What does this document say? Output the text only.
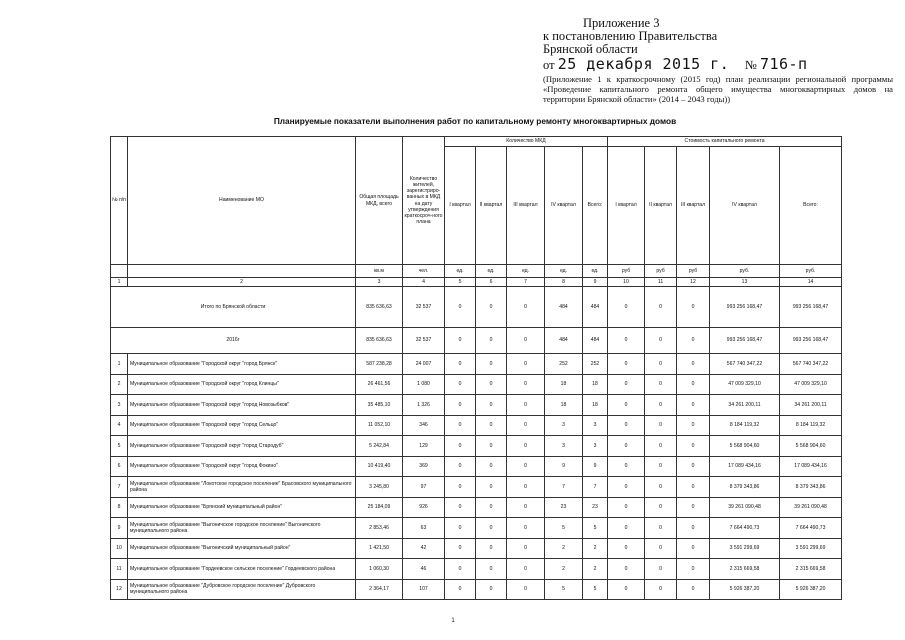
Приложение 3
к постановлению Правительства
Брянской области
от 25 декабря 2015 г. № 716-п
(Приложение 1 к краткосрочному (2015 год) план реализации региональной программы «Проведение капитального ремонта общего имущества многоквартирных домов на территории Брянской области» (2014 – 2043 годы))
Планируемые показатели выполнения работ по капитальному ремонту многоквартирных домов
№ п/п	Наименование МО	Общая площадь МКД, всего	Количество жителей, зарегистриро-ванных в МКД на дату утверждения краткосроч-ного плана	Количество МКД					Стоимость капитального ремонта				
				I квартал	II квартал	III квартал	IV квартал	Всего:	I квартал	II квартал	III квартал	IV квартал	Всего:
		кв.м	чел.	ед.	ед.	ед.	ед.	ед.	руб	руб	руб	руб.	руб.
1	2	3	4	5	6	7	8	9	10	11	12	13	14
Итого по Брянской области		835 636,63	32 537	0	0	0	484	484	0	0	0	993 256 168,47	993 256 168,47
2016г		835 636,63	32 537	0	0	0	484	484	0	0	0	993 256 168,47	993 256 168,47
1	Муниципальное образование "Городской округ "город Брянск"	587 238,28	24 007	0	0	0	252	252	0	0	0	567 740 347,22	567 740 347,22
2	Муниципальное образование "Городской округ "город Клинцы"	26 461,56	1 080	0	0	0	18	18	0	0	0	47 009 329,10	47 009 329,10
3	Муниципальное образование "Городской округ "город Новозыбков"	35 485,10	1 326	0	0	0	18	18	0	0	0	34 261 200,11	34 261 200,11
4	Муниципальное образование "Городской округ "город Сельцо"	11 052,10	346	0	0	0	3	3	0	0	0	8 184 119,32	8 184 119,32
5	Муниципальное образование "Городской округ "город Стародуб"	5 242,84	129	0	0	0	3	3	0	0	0	5 568 904,60	5 568 904,60
6	Муниципальное образование "Городской округ "город Фокино"	10 419,40	369	0	0	0	9	9	0	0	0	17 089 434,16	17 089 434,16
7	Муниципальное образование "Локотское городское поселение" Брасовского муниципального района	3 245,80	97	0	0	0	7	7	0	0	0	8 379 343,86	8 379 343,86
8	Муниципальное образование "Брянский муниципальный район"	25 184,09	926	0	0	0	23	23	0	0	0	39 261 090,48	39 261 090,48
9	Муниципальное образование "Выгоничское городское поселение" Выгоничского муниципального района	2 853,46	63	0	0	0	5	5	0	0	0	7 664 490,73	7 664 490,73
10	Муниципальное образование "Выгоничский муниципальный район"	1 421,50	42	0	0	0	2	2	0	0	0	3 591 299,69	3 591 299,69
11	Муниципальное образование "Гордеевское сельское поселение" Гордеевского района	1 060,30	46	0	0	0	2	2	0	0	0	2 315 669,58	2 315 669,58
12	Муниципальное образование "Дубровское городское поселение" Дубровского муниципального района	2 364,17	107	0	0	0	5	5	0	0	0	5 926 387,20	5 926 387,20
1
